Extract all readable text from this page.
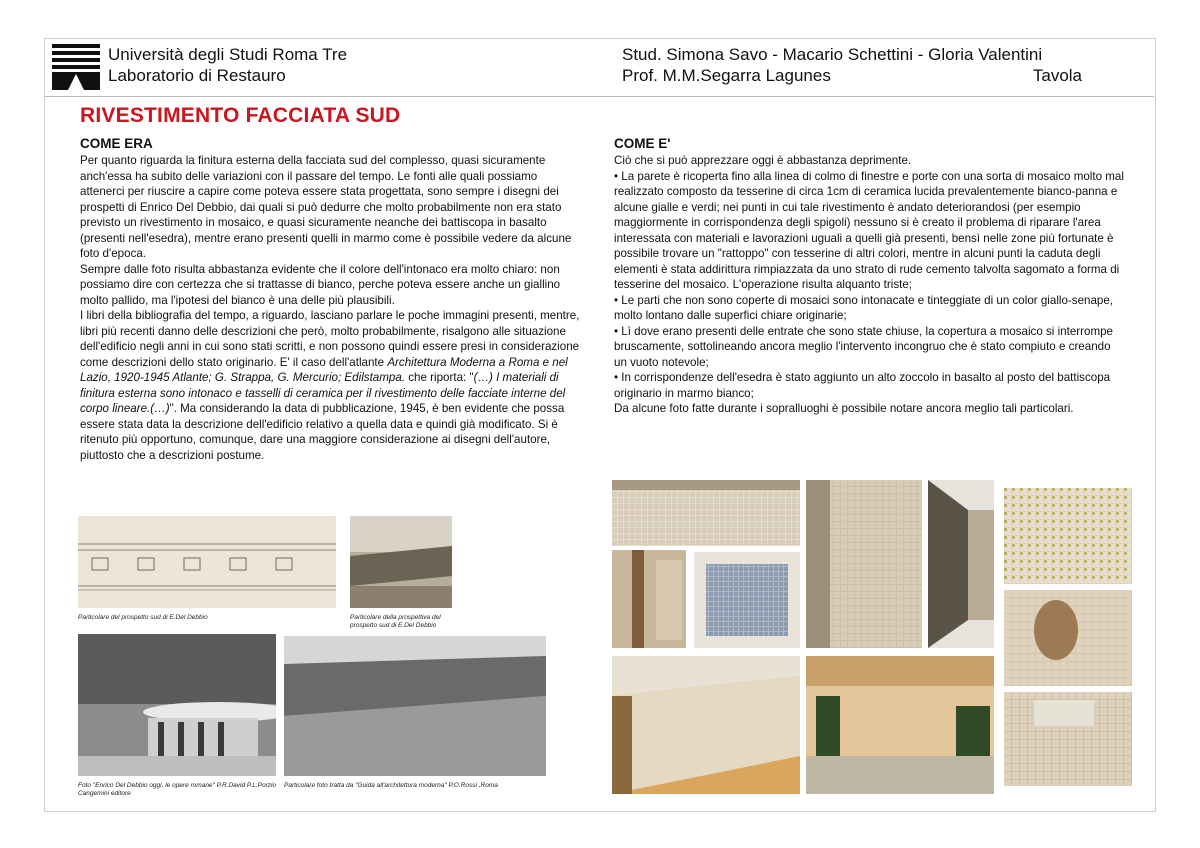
Università degli Studi Roma Tre
Laboratorio di Restauro
Stud. Simona Savo - Macario Schettini - Gloria Valentini
Prof. M.M.Segarra Lagunes	Tavola
RIVESTIMENTO FACCIATA SUD
COME ERA

Per quanto riguarda la finitura esterna della facciata sud del complesso, quasi sicuramente anch'essa ha subito delle variazioni con il passare del tempo. Le fonti alle quali possiamo attenerci per riuscire a capire come poteva essere stata progettata, sono sempre i disegni dei prospetti di Enrico Del Debbio, dai quali si può dedurre che molto probabilmente non era stato previsto un rivestimento in mosaico, e quasi sicuramente neanche dei battiscopa in basalto (presenti nell'esedra), mentre erano presenti quelli in marmo come è possibile vedere da alcune foto d'epoca.

Sempre dalle foto risulta abbastanza evidente che il colore dell'intonaco era molto chiaro: non possiamo dire con certezza che si trattasse di bianco, perche poteva essere anche un giallino molto pallido, ma l'ipotesi del bianco è una delle più plausibili.

I libri della bibliografia del tempo, a riguardo, lasciano parlare le poche immagini presenti, mentre, libri più recenti danno delle descrizioni che però, molto probabilmente, risalgono alle situazione dell'edificio negli anni in cui sono stati scritti, e non possono quindi essere presi in considerazione come descrizioni dello stato originario. E' il caso dell'atlante Architettura Moderna a Roma e nel Lazio, 1920-1945 Atlante; G. Strappa, G. Mercurio; Edilstampa. che riporta: "(…) I materiali di finitura esterna sono intonaco e tasselli di ceramica per il rivestimento delle facciate interne del corpo lineare.(…)". Ma considerando la data di pubblicazione, 1945, è ben evidente che possa essere stata data la descrizione dell'edificio relativo a quella data e quindi già modificato. Si è ritenuto più opportuno, comunque, dare una maggiore considerazione ai disegni dell'autore, piuttosto che a descrizioni postume.

Particolare del prospetto sud di E.Del Debbio	Particolare della prospettiva del prospetto sud di E.Del Debbio
Foto "Enrico Del Debbio oggi, le opere romane" P.R.David P.L.Porzio Cangemini editore
Particolare foto tratta da "Guida all'architettura moderna" P.O.Rossi ,Roma
COME E'

Ciò che si può apprezzare oggi è abbastanza deprimente.

• La parete è ricoperta fino alla linea di colmo di finestre e porte con una sorta di mosaico molto mal realizzato composto da tesserine di circa 1cm di ceramica lucida prevalentemente bianco-panna e alcune gialle e verdi; nei punti in cui tale rivestimento è andato deteriorandosi (per esempio maggiormente in corrispondenza degli spigoli) nessuno si è creato il problema di riparare l'area interessata con materiali e lavorazioni uguali a quelli già presenti, bensì nelle zone più fortunate è possibile trovare un "rattoppo" con tesserine di altri colori, mentre in alcuni punti la caduta degli elementi è stata addirittura rimpiazzata da uno strato di rude cemento talvolta sagomato a forma di tesserine del mosaico. L'operazione risulta alquanto triste;

• Le parti che non sono coperte di mosaici sono intonacate e tinteggiate di un color giallo-senape, molto lontano dalle superfici chiare originarie;

• Lì dove erano presenti delle entrate che sono state chiuse, la copertura a mosaico si interrompe bruscamente, sottolineando ancora meglio l'intervento incongruo che è stato compiuto e creando un vuoto notevole;

• In corrispondenze dell'esedra è stato aggiunto un alto zoccolo in basalto al posto del battiscopa originario in marmo bianco;

Da alcune foto fatte durante i sopralluoghi è possibile notare ancora meglio tali particolari.
